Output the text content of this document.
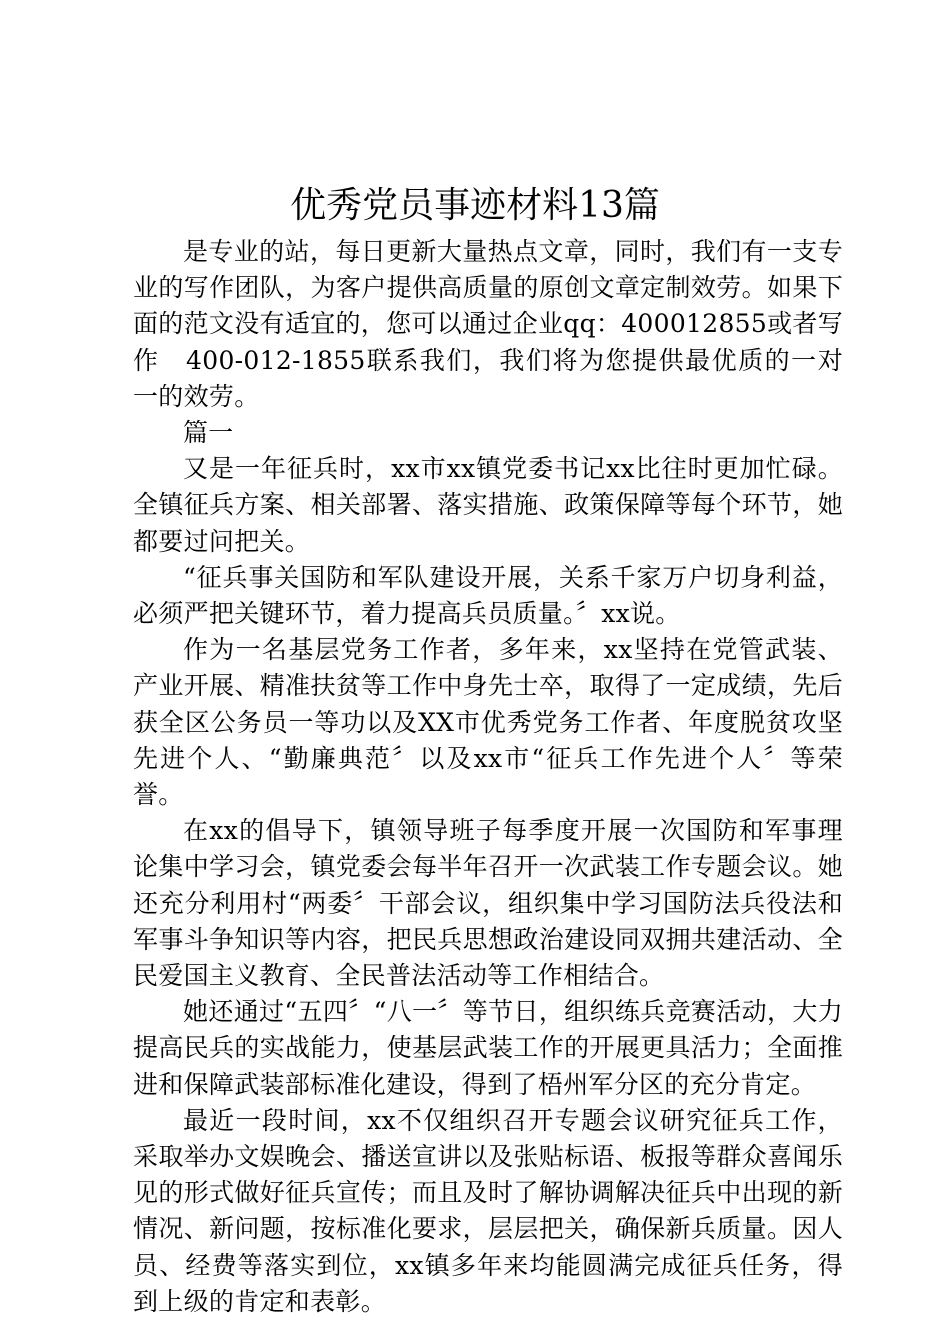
优秀党员事迹材料13篇

是专业的站，每日更新大量热点文章，同时，我们有一支专业的写作团队，为客户提供高质量的原创文章定制效劳。如果下面的范文没有适宜的，您可以通过企业qq：400012855或者写作　400-012-1855联系我们，我们将为您提供最优质的一对一的效劳。

篇一

又是一年征兵时，xx市xx镇党委书记xx比往时更加忙碌。全镇征兵方案、相关部署、落实措施、政策保障等每个环节，她都要过问把关。

“征兵事关国防和军队建设开展，关系千家万户切身利益，必须严把关键环节，着力提高兵员质量。〞xx说。

作为一名基层党务工作者，多年来，xx坚持在党管武装、产业开展、精准扶贫等工作中身先士卒，取得了一定成绩，先后获全区公务员一等功以及XX市优秀党务工作者、年度脱贫攻坚先进个人、“勤廉典范〞以及xx市“征兵工作先进个人〞等荣誉。

在xx的倡导下，镇领导班子每季度开展一次国防和军事理论集中学习会，镇党委会每半年召开一次武装工作专题会议。她还充分利用村“两委〞干部会议，组织集中学习国防法兵役法和军事斗争知识等内容，把民兵思想政治建设同双拥共建活动、全民爱国主义教育、全民普法活动等工作相结合。

她还通过“五四〞“八一〞等节日，组织练兵竞赛活动，大力提高民兵的实战能力，使基层武装工作的开展更具活力；全面推进和保障武装部标准化建设，得到了梧州军分区的充分肯定。

最近一段时间，xx不仅组织召开专题会议研究征兵工作，采取举办文娱晚会、播送宣讲以及张贴标语、板报等群众喜闻乐见的形式做好征兵宣传；而且及时了解协调解决征兵中出现的新情况、新问题，按标准化要求，层层把关，确保新兵质量。因人员、经费等落实到位，xx镇多年来均能圆满完成征兵任务，得到上级的肯定和表彰。
